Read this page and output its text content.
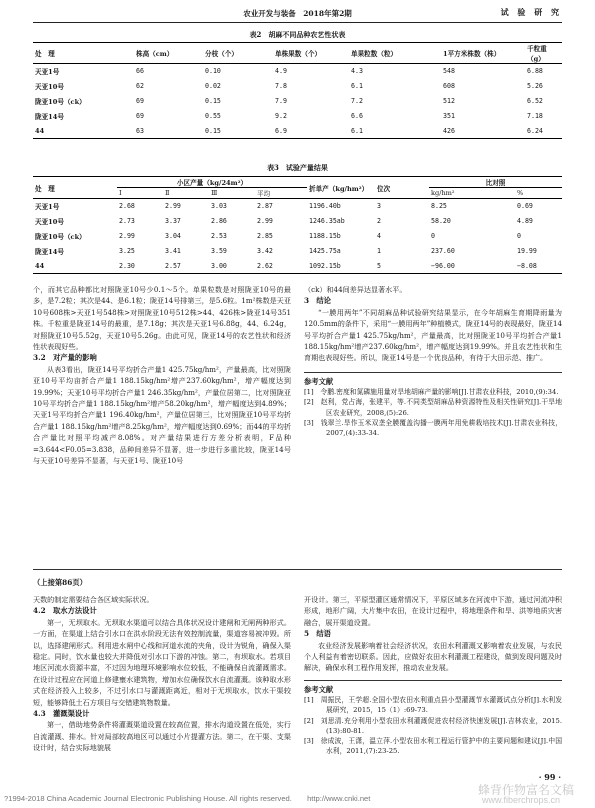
农业开发与装备　2018年第2期	试 验 研 究
表2　胡麻不同品种农艺性状表
处　理	株高（cm）	分枝（个）	单株果数（个）	单果粒数（粒）	1平方米株数（株）	千粒重（g）
天亚1号	66	0.10	4.9	4.3	548	6.88
天亚10号	62	0.02	7.8	6.1	608	5.26
陇亚10号（ck）	69	0.15	7.9	7.2	512	6.52
陇亚14号	69	0.55	9.2	6.6	351	7.18
44	63	0.15	6.9	6.1	426	6.24
表3　试验产量结果
处　理	小区产量（kg/24m²）				折单产（kg/hm²）	位次	比对照	
	Ⅰ	Ⅱ	Ⅲ	平均			kg/hm²	%
天亚1号	2.68	2.99	3.03	2.87	1196.40b	3	8.25	0.69
天亚10号	2.73	3.37	2.86	2.99	1246.35ab	2	58.20	4.89
陇亚10号（ck）	2.99	3.04	2.53	2.85	1188.15b	4	0	0
陇亚14号	3.25	3.41	3.59	3.42	1425.75a	1	237.60	19.99
44	2.30	2.57	3.00	2.62	1092.15b	5	−96.00	−8.08

个，而其它品种都比对照陇亚10号少0.1～5个。单果粒数是对照陇亚10号的最多，是7.2粒；其次是44、是6.1粒；陇亚14号排第三，是5.6粒。1m²株数是天亚10号608株>天亚1号548株>对照陇亚10号512株>44、426株>陇亚14号351株。千粒重是陇亚14号的最重，是7.18g；其次是天亚1号6.88g，44、6.24g，对照陇亚10号5.52g，天亚10号5.26g。由此可见，陇亚14号的农艺性状和经济性状表现好些。

3.2　对产量的影响

从表3看出，陇亚14号平均折合产量1 425.75kg/hm²，产量最高，比对照陇亚10号平均亩折合产量1 188.15kg/hm²增产237.60kg/hm²，增产幅度达到19.99%；天亚10号平均折合产量1 246.35kg/hm²，产量位居第二，比对照陇亚10号平均折合产量1 188.15kg/hm²增产58.20kg/hm²，增产幅度达到4.89%；天亚1号平均折合产量1 196.40kg/hm²，产量位居第三，比对照陇亚10号平均折合产量1 188.15kg/hm²增产8.25kg/hm²，增产幅度达到0.69%；而44的平均折合产量比对照平均减产8.08%。对产量结果进行方差分析表明，F品种=3.644<F0.05=3.838，品种间差异不显著，进一步进行多重比较，陇亚14号与天亚10号差异不显著，与天亚1号、陇亚10号

（ck）和44间差异达显著水平。

3　结论

“一膜用两年”不同胡麻品种试验研究结果显示，在今年胡麻生育期降雨量为120.5mm的条件下，采用“一膜用两年”种植模式，陇亚14号的表现最好，陇亚14号平均折合产量1 425.75kg/hm²，产量最高，比对照陇亚10号平均折合产量1 188.15kg/hm²增产237.60kg/hm²，增产幅度达到19.99%。并且农艺性状和生育期也表现好些。所以，陇亚14号是一个优良品种，有待于大田示范、推广。

参考文献

[1]　令鹏.密度和氮磷施用量对旱地胡麻产量的影响[J].甘肃农业科技，2010,(9):34.

[2]　赵利，党占海，张建平，等.不同类型胡麻品种资源特性及相关性研究[J].干旱地区农业研究，2008,(5):26.

[3]　钱翠兰.旱作玉米双垄全膜覆盖沟播一膜两年用免耕栽培技术[J].甘肃农业科技，2007,(4):33-34.

（上接第86页）

天数的制定需要结合各区域实际状况。

4.2　取水方法设计

第一，无坝取水。无坝取水渠道可以结合具体状况设计建闸和无闸两种形式。一方面，在渠道上结合引水口在洪水阶段无法有效控制流量，渠道容易被冲毁。所以，选择建闸形式。利用进水闸中心线和河道水流的夹角，设计为锐角，确保入渠稳定。同时，饮水量也较大并降低对引水口下游的冲蚀。第二，有坝取水。若项目地区河流水资源丰富，不过因为地理环境影响水位较低，不能确保自流灌溉需求。在设计过程应在河道上修建壅水建筑物，增加水位确保饮水自流灌溉。该种取水形式在经济投入上较多，不过引水口与灌溉距离近，相对于无坝取水，饮水干渠较短，能够降低土石方项目与交错建筑物数量。

4.3　灌溉渠设计

第一，借助地势条件将灌溉渠道设置在较高位置，排水沟道设置在低处，实行自流灌溉、排水。针对局部较高地区可以通过小片提灌方法。第二，在干渠、支渠设计时，结合实际地貌展

开设计。第三，平原型灌区通常情况下，平原区域多在河流中下游，通过河流冲积形成，地形广阔，大片集中农田，在设计过程中，将地理条件和旱、洪等地质灾害融合，展开渠道设置。

5　结语

农业经济发展影响着社会经济状况，农田水利灌溉又影响着农业发展，与农民个人利益有着密切联系。因此，应做好农田水利灌溉工程建设，做到发现问题及时解决，确保水利工程作用发挥，推动农业发展。

参考文献

[1]　周振民，王学超.全国小型农田水利重点县小型灌溉节水灌溉试点分析[J].水利发展研究，2015，15（1）:69-73.

[2]　刘思清.充分利用小型农田水利灌溉促进农村经济快速发展[J].吉林农业，2015.(13):80-81.

[3]　徐成波，王潇，温立萍.小型农田水利工程运行管护中的主要问题和建议[J].中国水利，2011,(7):23-25.

· 99 ·
蜂背作物富名文稿
www.fiberchrops.cn
?1994-2018 China Academic Journal Electronic Publishing House. All rights reserved.　　http://www.cnki.net
